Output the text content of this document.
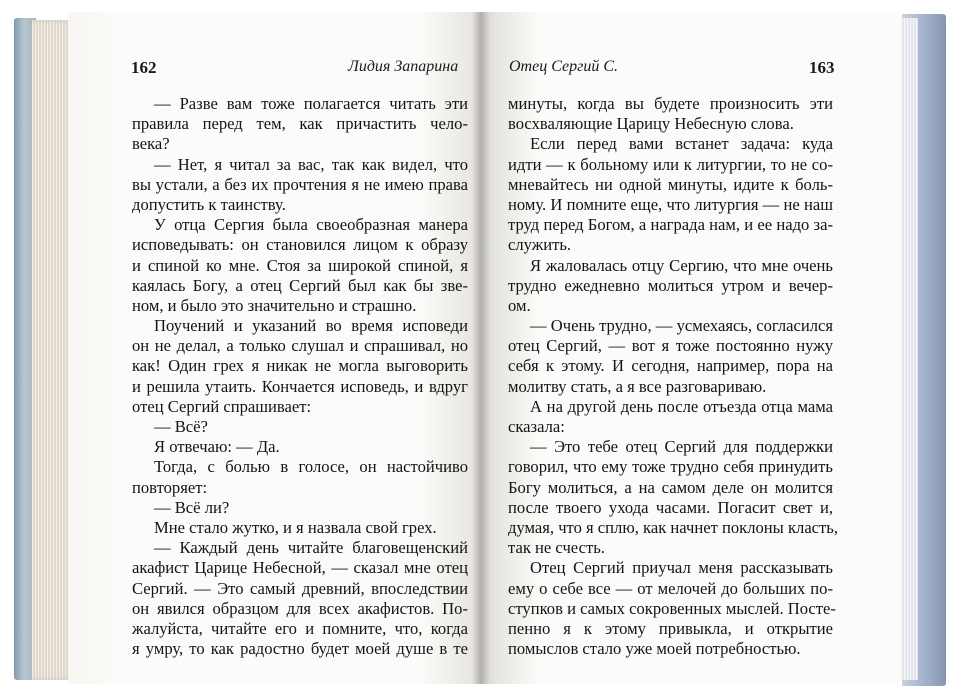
162	Лидия Запарина
— Разве вам тоже полагается читать эти
правила перед тем, как причастить чело-
века?
— Нет, я читал за вас, так как видел, что
вы устали, а без их прочтения я не имею права
допустить к таинству.
У отца Сергия была своеобразная манера
исповедывать: он становился лицом к образу
и спиной ко мне. Стоя за широкой спиной, я
каялась Богу, а отец Сергий был как бы зве-
ном, и было это значительно и страшно.
Поучений и указаний во время исповеди
он не делал, а только слушал и спрашивал, но
как! Один грех я никак не могла выговорить
и решила утаить. Кончается исповедь, и вдруг
отец Сергий спрашивает:
— Всё?
Я отвечаю: — Да.
Тогда, с болью в голосе, он настойчиво
повторяет:
— Всё ли?
Мне стало жутко, и я назвала свой грех.
— Каждый день читайте благовещенский
акафист Царице Небесной, — сказал мне отец
Сергий. — Это самый древний, впоследствии
он явился образцом для всех акафистов. По-
жалуйста, читайте его и помните, что, когда
я умру, то как радостно будет моей душе в те
Отец Сергий С.	163
минуты, когда вы будете произносить эти
восхваляющие Царицу Небесную слова.
Если перед вами встанет задача: куда
идти — к больному или к литургии, то не со-
мневайтесь ни одной минуты, идите к боль-
ному. И помните еще, что литургия — не наш
труд перед Богом, а награда нам, и ее надо за-
служить.
Я жаловалась отцу Сергию, что мне очень
трудно ежедневно молиться утром и вечер-
ом.
— Очень трудно, — усмехаясь, согласился
отец Сергий, — вот я тоже постоянно нужу
себя к этому. И сегодня, например, пора на
молитву стать, а я все разговариваю.
А на другой день после отъезда отца мама
сказала:
— Это тебе отец Сергий для поддержки
говорил, что ему тоже трудно себя принудить
Богу молиться, а на самом деле он молится
после твоего ухода часами. Погасит свет и,
думая, что я сплю, как начнет поклоны класть,
так не счесть.
Отец Сергий приучал меня рассказывать
ему о себе все — от мелочей до больших по-
ступков и самых сокровенных мыслей. Посте-
пенно я к этому привыкла, и открытие
помыслов стало уже моей потребностью.
